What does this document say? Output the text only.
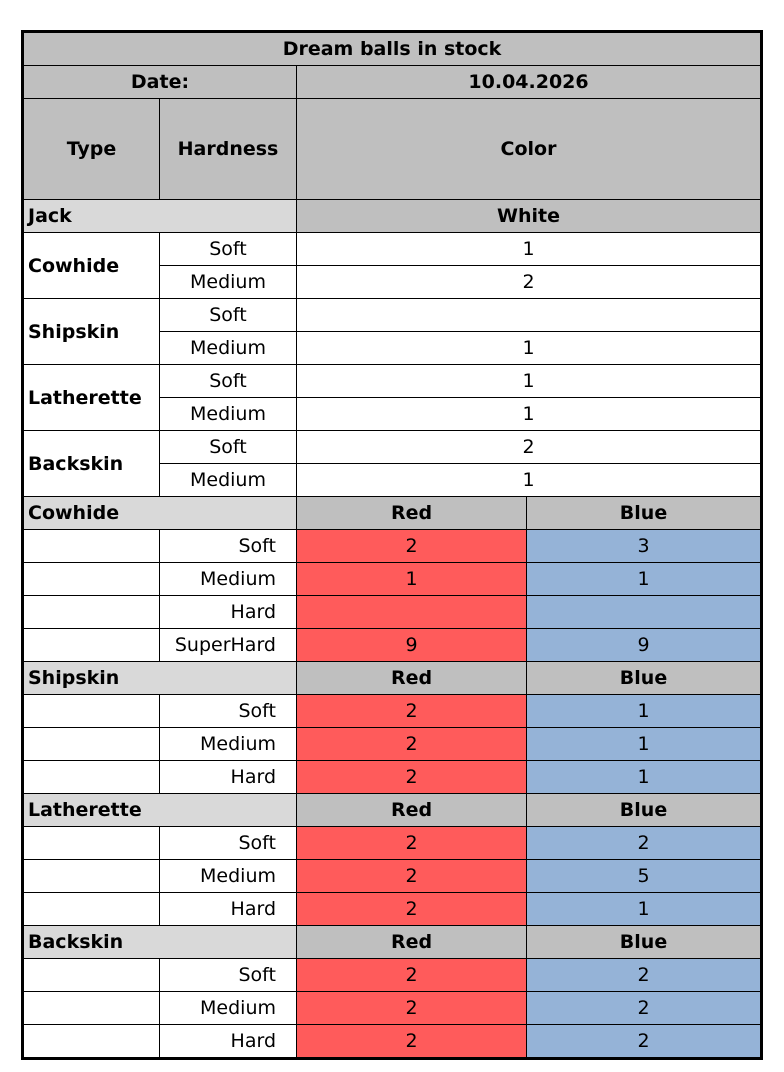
Dream balls in stock			
Date:		10.04.2026	
Type	Hardness	Color	
Jack		White	
Cowhide	Soft	1	
	Medium	2	
Shipskin	Soft		
	Medium	1	
Latherette	Soft	1	
	Medium	1	
Backskin	Soft	2	
	Medium	1	
Cowhide		Red	Blue
	Soft	2	3
	Medium	1	1
	Hard		
	SuperHard	9	9
Shipskin		Red	Blue
	Soft	2	1
	Medium	2	1
	Hard	2	1
Latherette		Red	Blue
	Soft	2	2
	Medium	2	5
	Hard	2	1
Backskin		Red	Blue
	Soft	2	2
	Medium	2	2
	Hard	2	2
